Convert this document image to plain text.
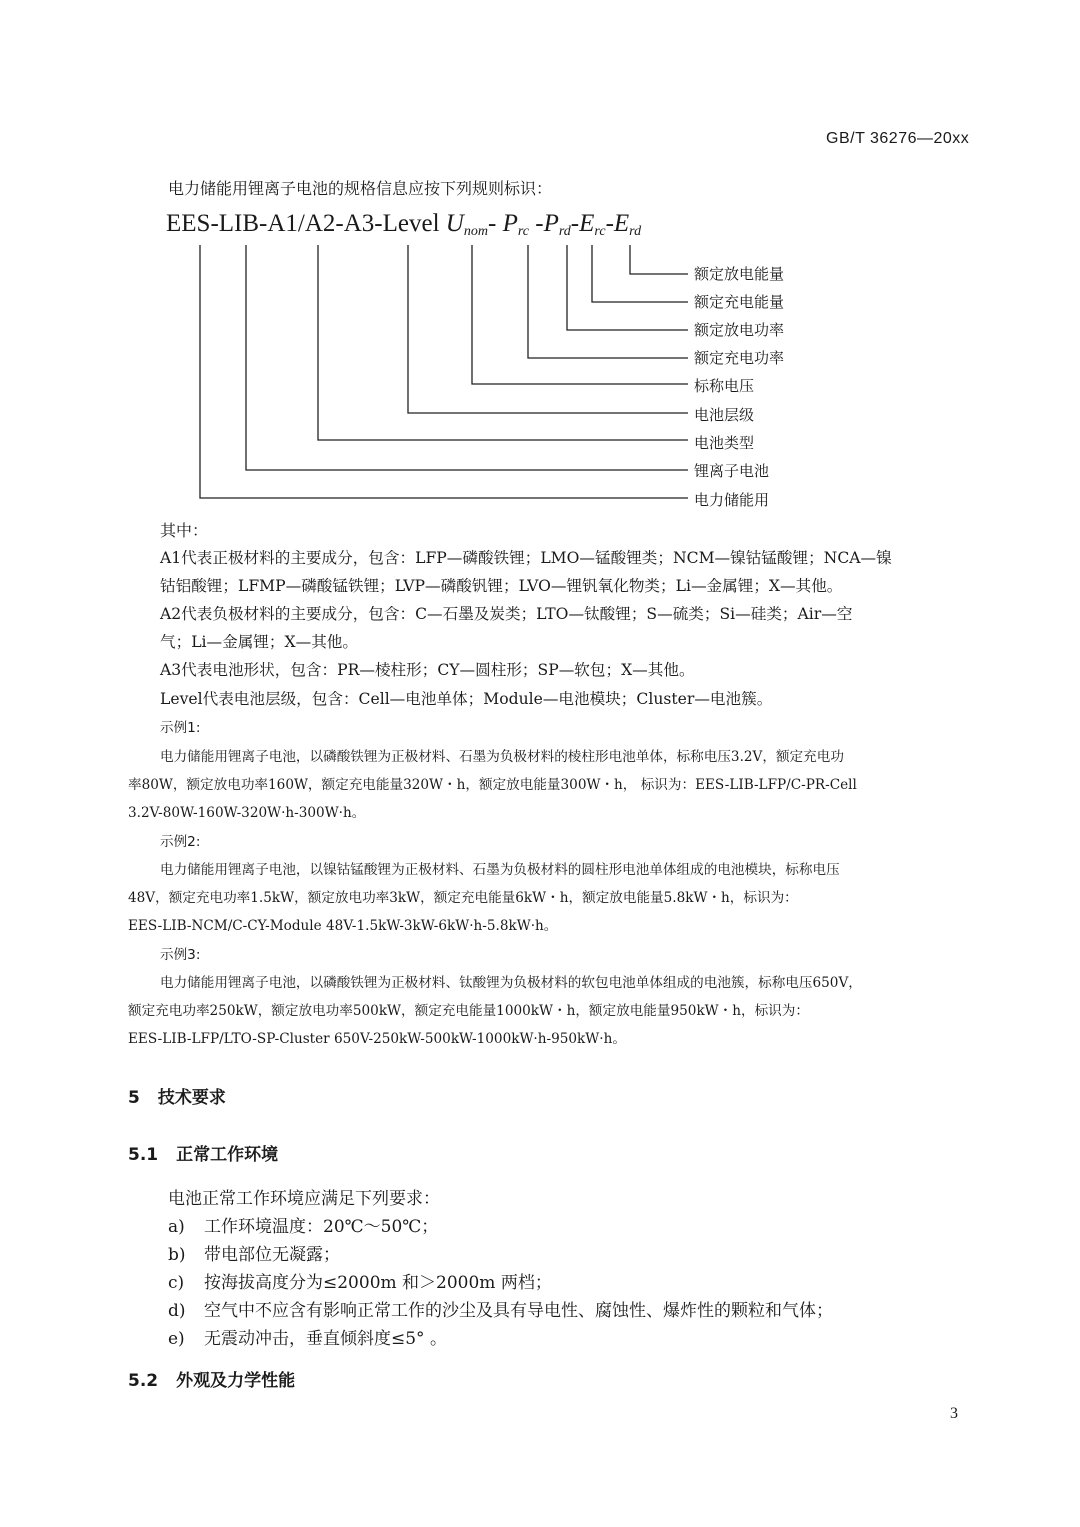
GB/T 36276—20xx
电力储能用锂离子电池的规格信息应按下列规则标识：
EES-LIB-A1/A2-A3-Level $U_{nom}-$ $P_{rc}$ $-P_{rd}-E_{rc}-E_{rd}$
额定放电能量
额定充电能量
额定放电功率
额定充电功率
标称电压
电池层级
电池类型
锂离子电池
电力储能用
其中：
A1代表正极材料的主要成分，包含：LFP—磷酸铁锂；LMO—锰酸锂类；NCM—镍钴锰酸锂；NCA—镍
钴铝酸锂；LFMP—磷酸锰铁锂；LVP—磷酸钒锂；LVO—锂钒氧化物类；Li—金属锂；X—其他。
A2代表负极材料的主要成分，包含：C—石墨及炭类；LTO—钛酸锂；S—硫类；Si—硅类；Air—空
气；Li—金属锂；X—其他。
A3代表电池形状，包含：PR—棱柱形；CY—圆柱形；SP—软包；X—其他。
Level代表电池层级，包含：Cell—电池单体；Module—电池模块；Cluster—电池簇。
示例1:
电力储能用锂离子电池，以磷酸铁锂为正极材料、石墨为负极材料的棱柱形电池单体，标称电压3.2V，额定充电功
率80W，额定放电功率160W，额定充电能量320W・h，额定放电能量300W・h， 标识为：EES-LIB-LFP/C-PR-Cell
3.2V-80W-160W-320W·h-300W·h。
示例2:
电力储能用锂离子电池，以镍钴锰酸锂为正极材料、石墨为负极材料的圆柱形电池单体组成的电池模块，标称电压
48V，额定充电功率1.5kW，额定放电功率3kW，额定充电能量6kW・h，额定放电能量5.8kW・h，标识为：
EES-LIB-NCM/C-CY-Module 48V-1.5kW-3kW-6kW·h-5.8kW·h。
示例3:
电力储能用锂离子电池，以磷酸铁锂为正极材料、钛酸锂为负极材料的软包电池单体组成的电池簇，标称电压650V，
额定充电功率250kW，额定放电功率500kW，额定充电能量1000kW・h，额定放电能量950kW・h，标识为：
EES-LIB-LFP/LTO-SP-Cluster 650V-250kW-500kW-1000kW·h-950kW·h。
5 技术要求
5.1 正常工作环境
电池正常工作环境应满足下列要求：
a) 工作环境温度：20℃～50℃；
b) 带电部位无凝露；
c) 按海拔高度分为≤2000m 和＞2000m 两档；
d) 空气中不应含有影响正常工作的沙尘及具有导电性、腐蚀性、爆炸性的颗粒和气体；
e) 无震动冲击，垂直倾斜度≤5° 。
5.2 外观及力学性能
3
